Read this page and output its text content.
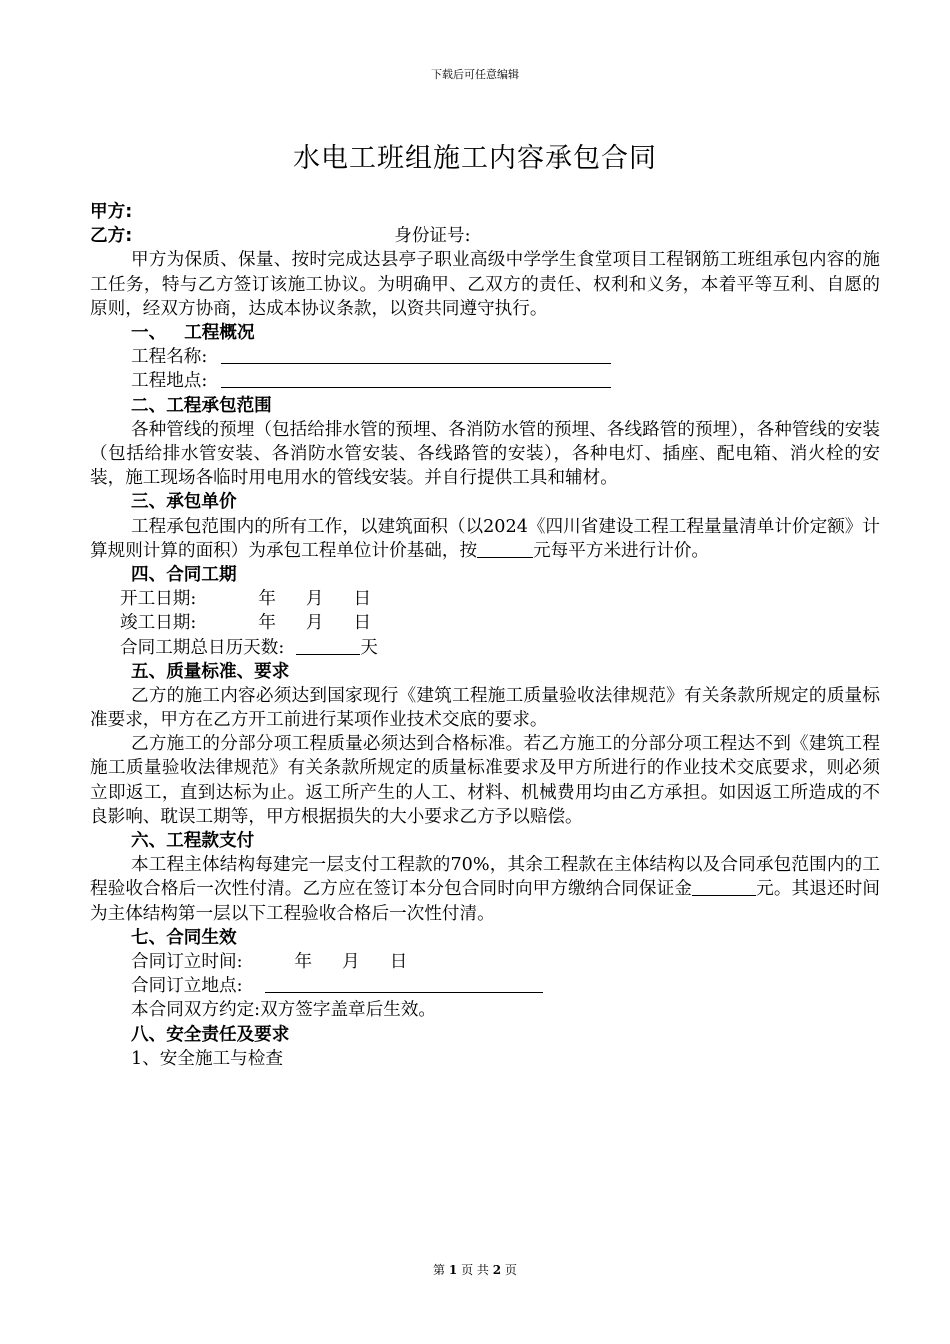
下载后可任意编辑
水电工班组施工内容承包合同
甲方:
乙方:	身份证号:
甲方为保质、保量、按时完成达县亭子职业高级中学学生食堂项目工程钢筋工班组承包内容的施工任务，特与乙方签订该施工协议。为明确甲、乙双方的责任、权利和义务，本着平等互利、自愿的原则，经双方协商，达成本协议条款，以资共同遵守执行。
一、 工程概况
工程名称:
工程地点:
二、工程承包范围
各种管线的预埋（包括给排水管的预埋、各消防水管的预埋、各线路管的预埋），各种管线的安装（包括给排水管安装、各消防水管安装、各线路管的安装），各种电灯、插座、配电箱、消火栓的安装，施工现场各临时用电用水的管线安装。并自行提供工具和辅材。
三、承包单价
工程承包范围内的所有工作，以建筑面积（以2024《四川省建设工程工程量量清单计价定额》计算规则计算的面积）为承包工程单位计价基础，按	元每平方米进行计价。
四、合同工期
开工日期:	年 月 日
竣工日期:	年 月 日
合同工期总日历天数:	天
五、质量标准、要求
乙方的施工内容必须达到国家现行《建筑工程施工质量验收法律规范》有关条款所规定的质量标准要求，甲方在乙方开工前进行某项作业技术交底的要求。
乙方施工的分部分项工程质量必须达到合格标准。若乙方施工的分部分项工程达不到《建筑工程施工质量验收法律规范》有关条款所规定的质量标准要求及甲方所进行的作业技术交底要求，则必须立即返工，直到达标为止。返工所产生的人工、材料、机械费用均由乙方承担。如因返工所造成的不良影响、耽误工期等，甲方根据损失的大小要求乙方予以赔偿。
六、工程款支付
本工程主体结构每建完一层支付工程款的70%，其余工程款在主体结构以及合同承包范围内的工程验收合格后一次性付清。乙方应在签订本分包合同时向甲方缴纳合同保证金	元。其退还时间为主体结构第一层以下工程验收合格后一次性付清。
七、合同生效
合同订立时间:	年 月 日
合同订立地点:
本合同双方约定:双方签字盖章后生效。
八、安全责任及要求
1、安全施工与检查
第 1 页 共 2 页
